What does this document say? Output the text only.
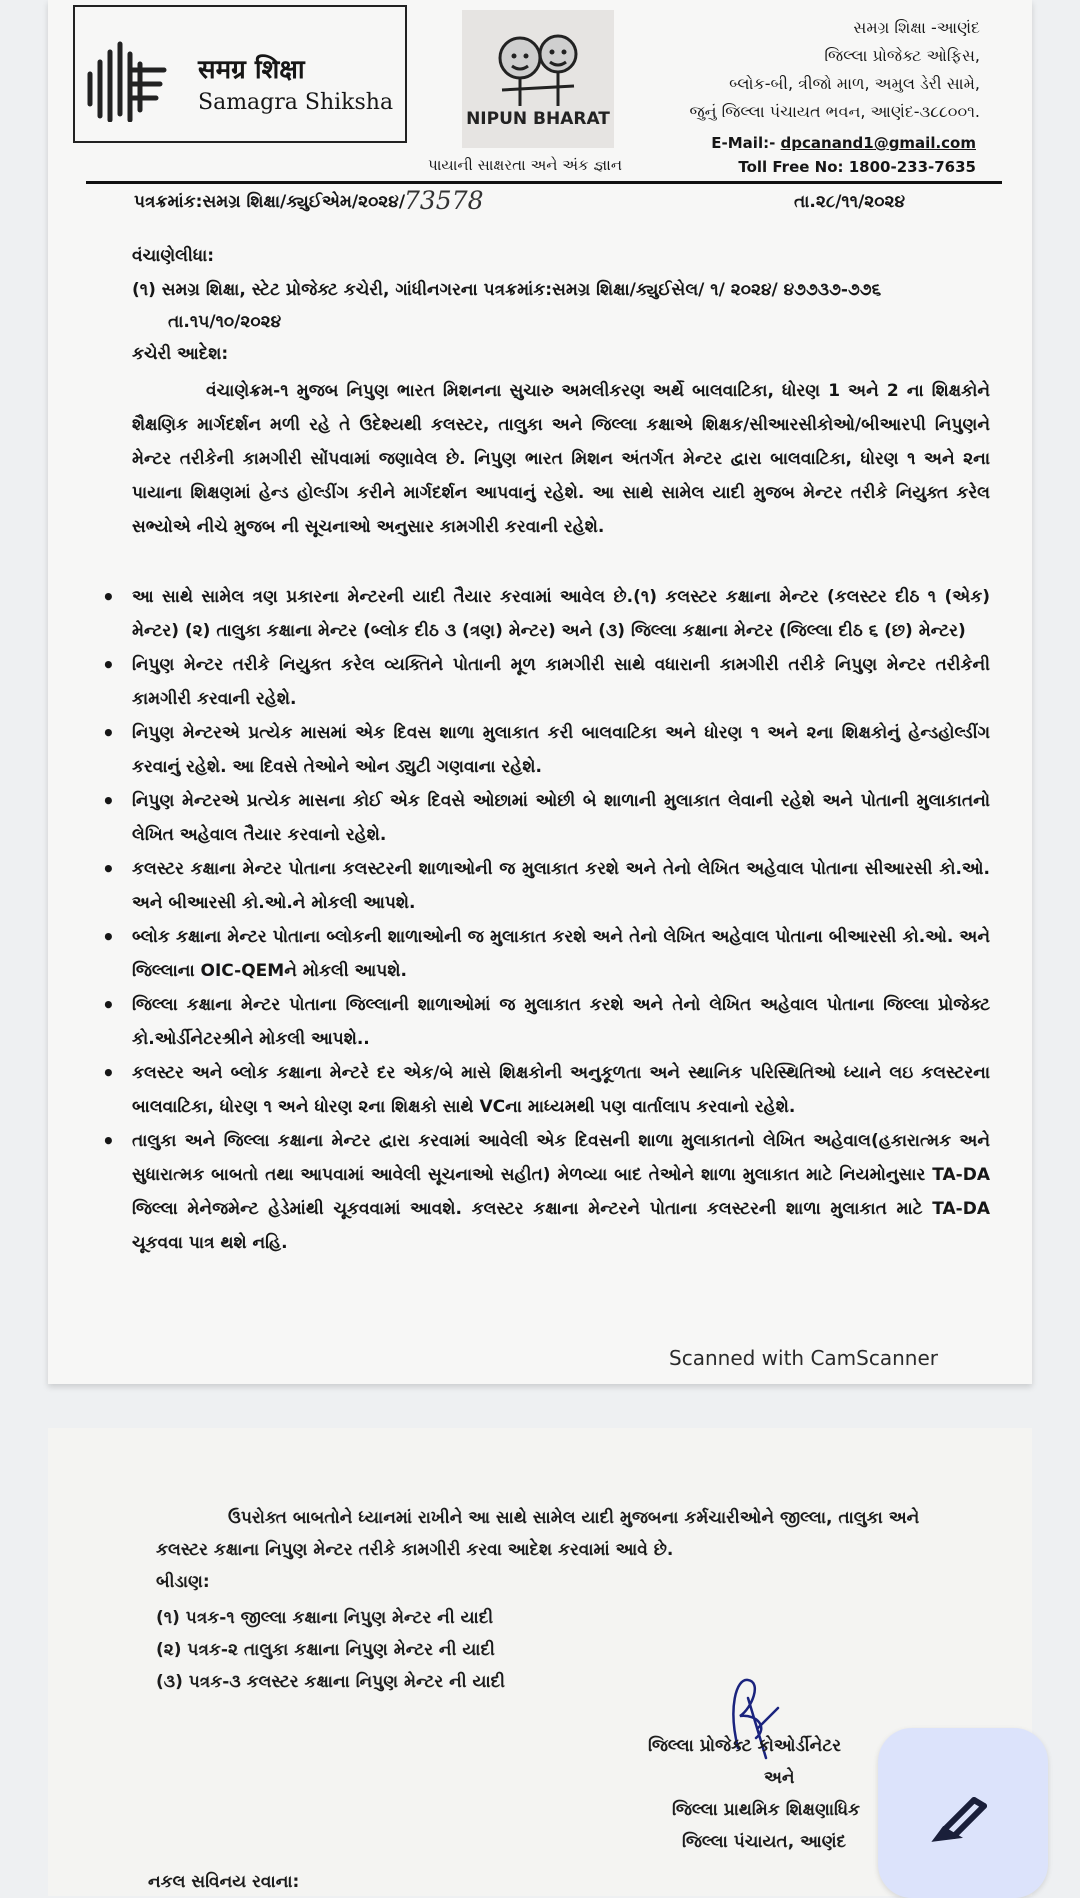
समग्र शिक्षा
Samagra Shiksha
NIPUN BHARAT
પાયાની સાક્ષરતા અને અંક જ્ઞાન
સમગ્ર શિક્ષા -આણંદ
જિલ્લા પ્રોજેક્ટ ઓફિસ,
બ્લોક-બી, ત્રીજો માળ, અમુલ ડેરી સામે,
જુનું જિલ્લા પંચાયત ભવન, આણંદ-૩૮૮૦૦૧.
E-Mail:- dpcanand1@gmail.com
Toll Free No: 1800-233-7635
પત્રક્રમાંક:સમગ્ર શિક્ષા/ક્યુઈએમ/૨૦૨૪/
73578	તા.૨૮/૧૧/૨૦૨૪
વંચાણેલીધા:
(૧) સમગ્ર શિક્ષા, સ્ટેટ પ્રોજેક્ટ કચેરી, ગાંધીનગરના પત્રક્રમાંક:સમગ્ર શિક્ષા/ક્યુઈસેલ/ ૧/ ૨૦૨૪/ ૪૭૭૩૭-૭૭૬
તા.૧૫/૧૦/૨૦૨૪
કચેરી આદેશ:
વંચાણેક્રમ-૧ મુજબ નિપુણ ભારત મિશનના સુચારુ અમલીકરણ અર્થે બાલવાટિકા, ધોરણ 1 અને 2 ના શિક્ષકોને શૈક્ષણિક માર્ગદર્શન મળી રહે તે ઉદેશ્યથી કલસ્ટર, તાલુકા અને જિલ્લા કક્ષાએ શિક્ષક/સીઆરસીકોઓ/બીઆરપી નિપુણને મેન્ટર તરીકેની કામગીરી સોંપવામાં જણાવેલ છે. નિપુણ ભારત મિશન અંતર્ગત મેન્ટર દ્વારા બાલવાટિકા, ધોરણ ૧ અને ૨ના પાયાના શિક્ષણમાં હેન્ડ હોલ્ડીંગ કરીને માર્ગદર્શન આપવાનું રહેશે. આ સાથે સામેલ યાદી મુજબ મેન્ટર તરીકે નિયુક્ત કરેલ સભ્યોએ નીચે મુજબ ની સૂચનાઓ અનુસાર કામગીરી કરવાની રહેશે.
• આ સાથે સામેલ ત્રણ પ્રકારના મેન્ટરની યાદી તૈયાર કરવામાં આવેલ છે.(૧) કલસ્ટર કક્ષાના મેન્ટર (કલસ્ટર દીઠ ૧ (એક) મેન્ટર) (૨) તાલુકા કક્ષાના મેન્ટર (બ્લોક દીઠ ૩ (ત્રણ) મેન્ટર) અને (૩) જિલ્લા કક્ષાના મેન્ટર (જિલ્લા દીઠ ૬ (છ) મેન્ટર)
• નિપુણ મેન્ટર તરીકે નિયુક્ત કરેલ વ્યક્તિને પોતાની મૂળ કામગીરી સાથે વધારાની કામગીરી તરીકે નિપુણ મેન્ટર તરીકેની કામગીરી કરવાની રહેશે.
• નિપુણ મેન્ટરએ પ્રત્યેક માસમાં એક દિવસ શાળા મુલાકાત કરી બાલવાટિકા અને ધોરણ ૧ અને ૨ના શિક્ષકોનું હેન્ડહોલ્ડીંગ કરવાનું રહેશે. આ દિવસે તેઓને ઓન ડ્યુટી ગણવાના રહેશે.
• નિપુણ મેન્ટરએ પ્રત્યેક માસના કોઈ એક દિવસે ઓછામાં ઓછી બે શાળાની મુલાકાત લેવાની રહેશે અને પોતાની મુલાકાતનો લેખિત અહેવાલ તૈયાર કરવાનો રહેશે.
• કલસ્ટર કક્ષાના મેન્ટર પોતાના કલસ્ટરની શાળાઓની જ મુલાકાત કરશે અને તેનો લેખિત અહેવાલ પોતાના સીઆરસી કો.ઓ. અને બીઆરસી કો.ઓ.ને મોકલી આપશે.
• બ્લોક કક્ષાના મેન્ટર પોતાના બ્લોકની શાળાઓની જ મુલાકાત કરશે અને તેનો લેખિત અહેવાલ પોતાના બીઆરસી કો.ઓ. અને જિલ્લાના OIC-QEMને મોકલી આપશે.
• જિલ્લા કક્ષાના મેન્ટર પોતાના જિલ્લાની શાળાઓમાં જ મુલાકાત કરશે અને તેનો લેખિત અહેવાલ પોતાના જિલ્લા પ્રોજેક્ટ કો.ઓર્ડીનેટરશ્રીને મોકલી આપશે..
• કલસ્ટર અને બ્લોક કક્ષાના મેન્ટરે દર એક/બે માસે શિક્ષકોની અનુકૂળતા અને સ્થાનિક પરિસ્થિતિઓ ધ્યાને લઇ કલસ્ટરના બાલવાટિકા, ધોરણ ૧ અને ધોરણ ૨ના શિક્ષકો સાથે VCના માધ્યમથી પણ વાર્તાલાપ કરવાનો રહેશે.
• તાલુકા અને જિલ્લા કક્ષાના મેન્ટર દ્વારા કરવામાં આવેલી એક દિવસની શાળા મુલાકાતનો લેખિત અહેવાલ(હકારાત્મક અને સુધારાત્મક બાબતો તથા આપવામાં આવેલી સૂચનાઓ સહીત) મેળવ્યા બાદ તેઓને શાળા મુલાકાત માટે નિયમોનુસાર TA-DA જિલ્લા મેનેજમેન્ટ હેડેમાંથી ચૂકવવામાં આવશે. કલસ્ટર કક્ષાના મેન્ટરને પોતાના કલસ્ટરની શાળા મુલાકાત માટે TA-DA ચૂકવવા પાત્ર થશે નહિ.
Scanned with CamScanner
ઉપરોક્ત બાબતોને ધ્યાનમાં રાખીને આ સાથે સામેલ યાદી મુજબના કર્મચારીઓને જીલ્લા, તાલુકા અને
કલસ્ટર કક્ષાના નિપુણ મેન્ટર તરીકે કામગીરી કરવા આદેશ કરવામાં આવે છે.
બીડાણ:
(૧) પત્રક-૧ જીલ્લા કક્ષાના નિપુણ મેન્ટર ની યાદી
(૨) પત્રક-૨ તાલુકા કક્ષાના નિપુણ મેન્ટર ની યાદી
(૩) પત્રક-૩ કલસ્ટર કક્ષાના નિપુણ મેન્ટર ની યાદી
જિલ્લા પ્રોજેક્ટ કોઓર્ડીનેટર
અને
જિલ્લા પ્રાથમિક શિક્ષણાધિક
જિલ્લા પંચાયત, આણંદ
નકલ સવિનય રવાના:
